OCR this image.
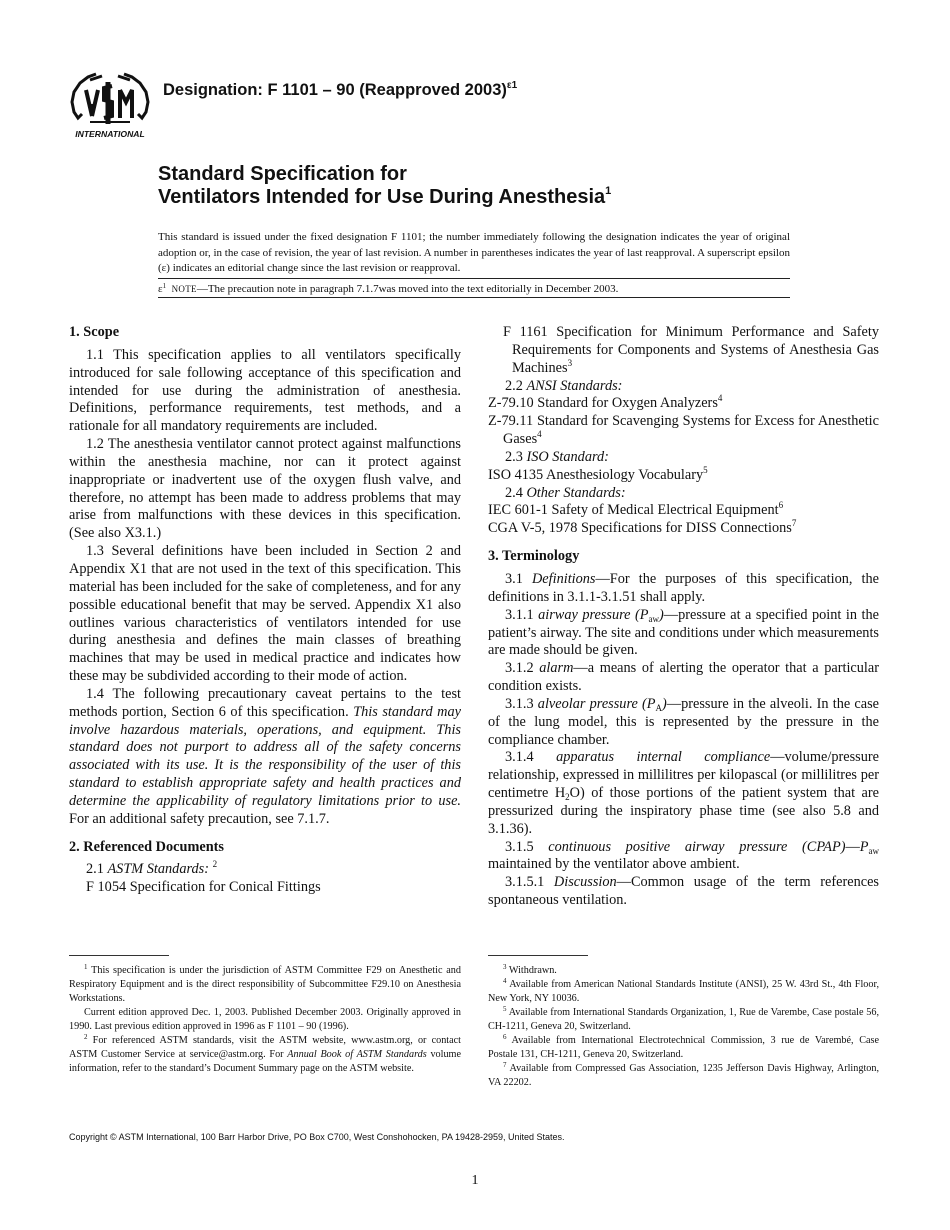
INTERNATIONAL
Designation: F 1101 – 90 (Reapproved 2003)$^{\varepsilon 1}$
Standard Specification for
Ventilators Intended for Use During Anesthesia$^1$
This standard is issued under the fixed designation F 1101; the number immediately following the designation indicates the year of original adoption or, in the case of revision, the year of last revision. A number in parentheses indicates the year of last reapproval. A superscript epsilon (ε) indicates an editorial change since the last revision or reapproval.
$\varepsilon^1$ NOTE—The precaution note in paragraph 7.1.7was moved into the text editorially in December 2003.

1. Scope

1.1 This specification applies to all ventilators specifically introduced for sale following acceptance of this specification and intended for use during the administration of anesthesia. Definitions, performance requirements, test methods, and a rationale for all mandatory requirements are included.

1.2 The anesthesia ventilator cannot protect against malfunctions within the anesthesia machine, nor can it protect against inappropriate or inadvertent use of the oxygen flush valve, and therefore, no attempt has been made to address problems that may arise from malfunctions with these devices in this specification. (See also X3.1.)

1.3 Several definitions have been included in Section 2 and Appendix X1 that are not used in the text of this specification. This material has been included for the sake of completeness, and for any possible educational benefit that may be served. Appendix X1 also outlines various characteristics of ventilators intended for use during anesthesia and defines the main classes of breathing machines that may be used in medical practice and indicates how these may be subdivided according to their mode of action.

1.4 The following precautionary caveat pertains to the test methods portion, Section 6 of this specification. This standard may involve hazardous materials, operations, and equipment. This standard does not purport to address all of the safety concerns associated with its use. It is the responsibility of the user of this standard to establish appropriate safety and health practices and determine the applicability of regulatory limitations prior to use. For an additional safety precaution, see 7.1.7.

2. Referenced Documents

2.1 ASTM Standards: $^2$

F 1054 Specification for Conical Fittings

F 1161 Specification for Minimum Performance and Safety Requirements for Components and Systems of Anesthesia Gas Machines$^3$

2.2 ANSI Standards:

Z-79.10 Standard for Oxygen Analyzers$^4$

Z-79.11 Standard for Scavenging Systems for Excess for Anesthetic Gases$^4$

2.3 ISO Standard:

ISO 4135 Anesthesiology Vocabulary$^5$

2.4 Other Standards:

IEC 601-1 Safety of Medical Electrical Equipment$^6$

CGA V-5, 1978 Specifications for DISS Connections$^7$

3. Terminology

3.1 Definitions—For the purposes of this specification, the definitions in 3.1.1-3.1.51 shall apply.

3.1.1 airway pressure $(P_{aw})—pressure$ at a specified point in the patient’s airway. The site and conditions under which measurements are made should be given.

3.1.2 alarm—a means of alerting the operator that a particular condition exists.

3.1.3 alveolar pressure $(P_A)—pressure$ in the alveoli. In the case of the lung model, this is represented by the pressure in the compliance chamber.

3.1.4 apparatus internal compliance—volume/pressure relationship, expressed in millilitres per kilopascal (or millilitres per centimetre $H_2O$) of those portions of the patient system that are pressurized during the inspiratory phase time (see also 5.8 and 3.1.36).

3.1.5 continuous positive airway pressure $(CPAP)—P_{aw}$ maintained by the ventilator above ambient.

3.1.5.1 Discussion—Common usage of the term references spontaneous ventilation.

$^1$ This specification is under the jurisdiction of ASTM Committee F29 on Anesthetic and Respiratory Equipment and is the direct responsibility of Subcommittee F29.10 on Anesthesia Workstations.

Current edition approved Dec. 1, 2003. Published December 2003. Originally approved in 1990. Last previous edition approved in 1996 as F 1101 – 90 (1996).

$^2$ For referenced ASTM standards, visit the ASTM website, www.astm.org, or contact ASTM Customer Service at service@astm.org. For Annual Book of ASTM Standards volume information, refer to the standard’s Document Summary page on the ASTM website.

$^3$ Withdrawn.

$^4$ Available from American National Standards Institute (ANSI), 25 W. 43rd St., 4th Floor, New York, NY 10036.

$^5$ Available from International Standards Organization, 1, Rue de Varembe, Case postale 56, CH-1211, Geneva 20, Switzerland.

$^6$ Available from International Electrotechnical Commission, 3 rue de Varembé, Case Postale 131, CH-1211, Geneva 20, Switzerland.

$^7$ Available from Compressed Gas Association, 1235 Jefferson Davis Highway, Arlington, VA 22202.

Copyright © ASTM International, 100 Barr Harbor Drive, PO Box C700, West Conshohocken, PA 19428-2959, United States.
1
